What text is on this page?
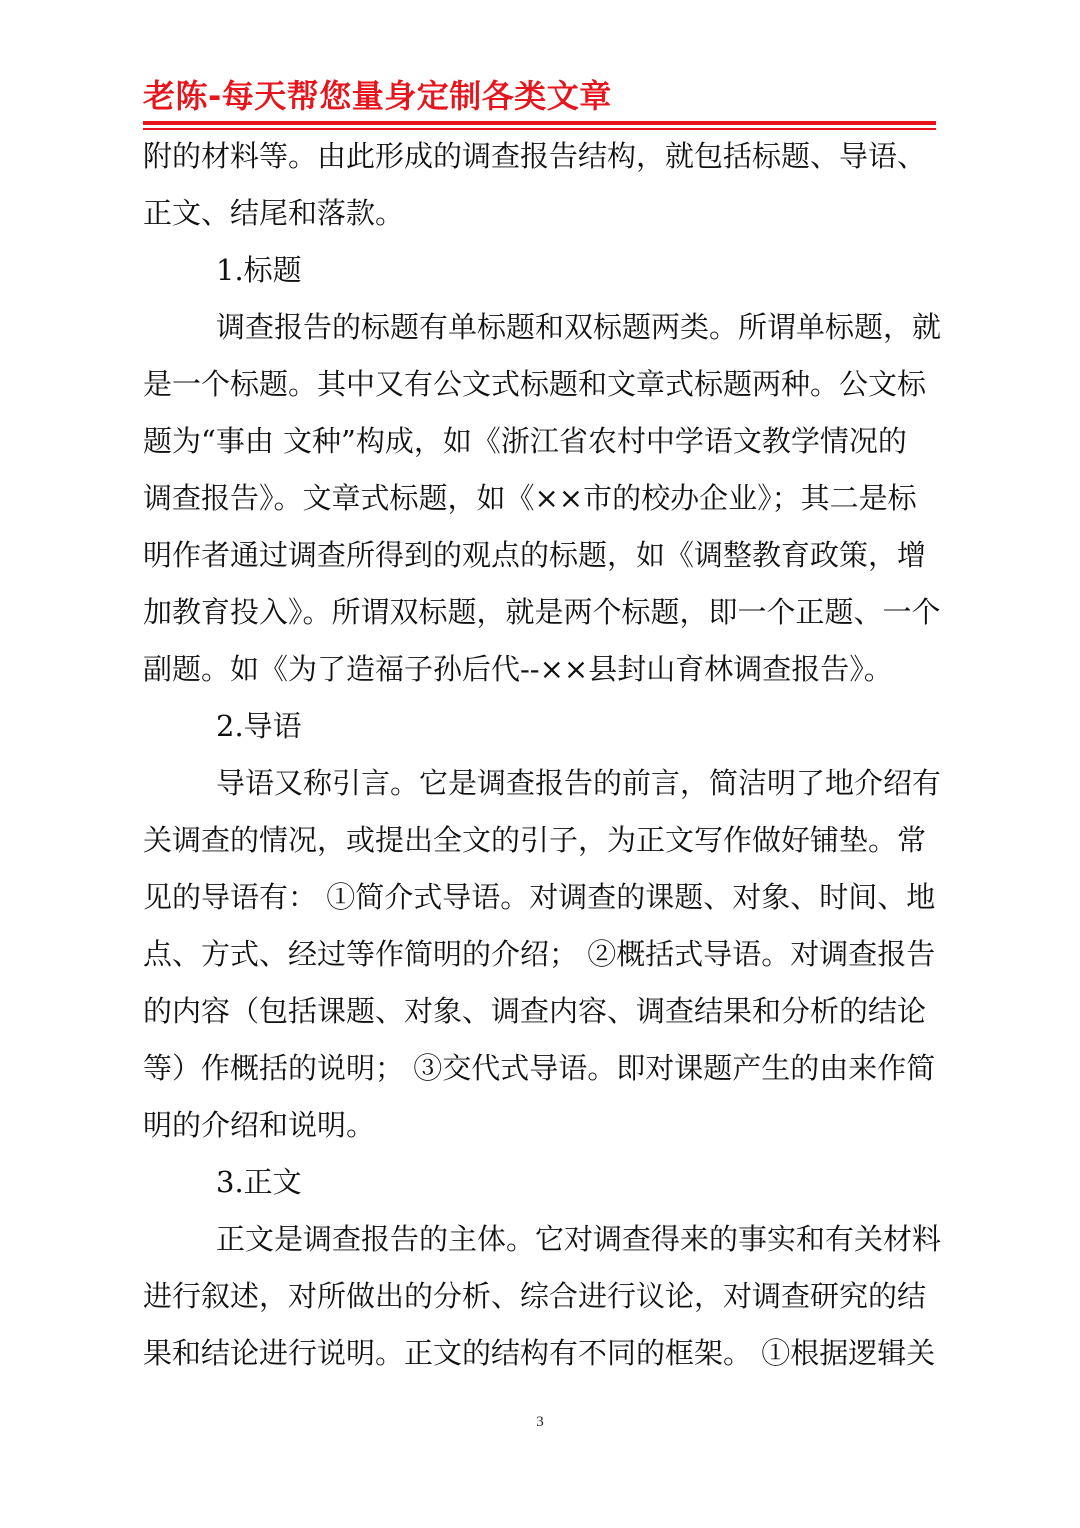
老陈-每天帮您量身定制各类文章
附的材料等。由此形成的调查报告结构，就包括标题、导语、
正文、结尾和落款。
1.标题
调查报告的标题有单标题和双标题两类。所谓单标题，就
是一个标题。其中又有公文式标题和文章式标题两种。公文标
题为“事由 文种”构成，如《浙江省农村中学语文教学情况的
调查报告》。文章式标题，如《××市的校办企业》；其二是标
明作者通过调查所得到的观点的标题，如《调整教育政策，增
加教育投入》。所谓双标题，就是两个标题，即一个正题、一个
副题。如《为了造福子孙后代--××县封山育林调查报告》。
2.导语
导语又称引言。它是调查报告的前言，简洁明了地介绍有
关调查的情况，或提出全文的引子，为正文写作做好铺垫。常
见的导语有： ①简介式导语。对调查的课题、对象、时间、地
点、方式、经过等作简明的介绍； ②概括式导语。对调查报告
的内容（包括课题、对象、调查内容、调查结果和分析的结论
等）作概括的说明； ③交代式导语。即对课题产生的由来作简
明的介绍和说明。
3.正文
正文是调查报告的主体。它对调查得来的事实和有关材料
进行叙述，对所做出的分析、综合进行议论，对调查研究的结
果和结论进行说明。正文的结构有不同的框架。 ①根据逻辑关
3
